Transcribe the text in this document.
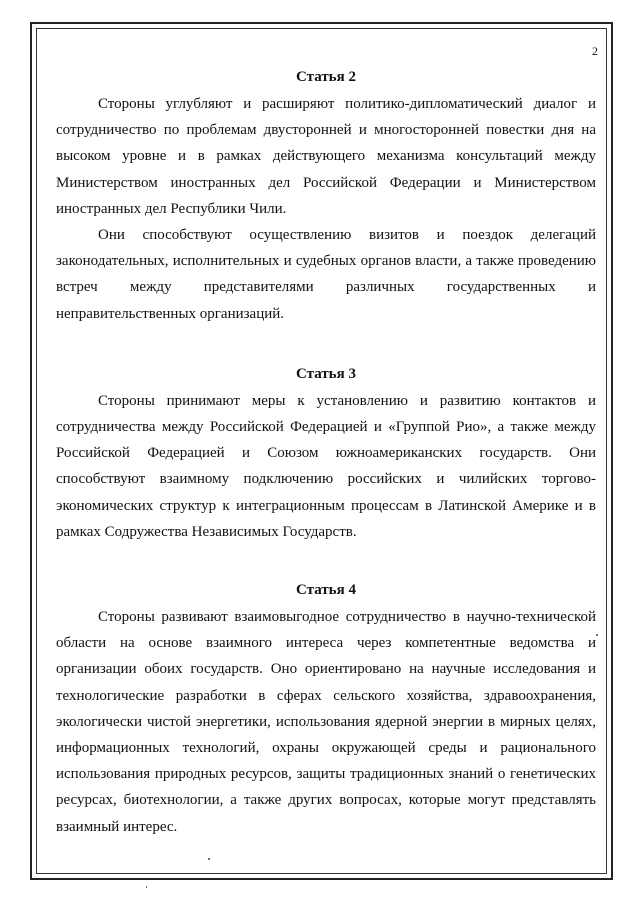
2
Статья 2

Стороны углубляют и расширяют политико-дипломатический диалог и сотрудничество по проблемам двусторонней и многосторонней повестки дня на высоком уровне и в рамках действующего механизма консультаций между Министерством иностранных дел Российской Федерации и Министерством иностранных дел Республики Чили.

Они способствуют осуществлению визитов и поездок делегаций законодательных, исполнительных и судебных органов власти, а также проведению встреч между представителями различных государственных и неправительственных организаций.

Статья 3

Стороны принимают меры к установлению и развитию контактов и сотрудничества между Российской Федерацией и «Группой Рио», а также между Российской Федерацией и Союзом южноамериканских государств. Они способствуют взаимному подключению российских и чилийских торгово-экономических структур к интеграционным процессам в Латинской Америке и в рамках Содружества Независимых Государств.

Статья 4

Стороны развивают взаимовыгодное сотрудничество в научно-технической области на основе взаимного интереса через компетентные ведомства и организации обоих государств. Оно ориентировано на научные исследования и технологические разработки в сферах сельского хозяйства, здравоохранения, экологически чистой энергетики, использования ядерной энергии в мирных целях, информационных технологий, охраны окружающей среды и рационального использования природных ресурсов, защиты традиционных знаний о генетических ресурсах, биотехнологии, а также других вопросах, которые могут представлять взаимный интерес.
